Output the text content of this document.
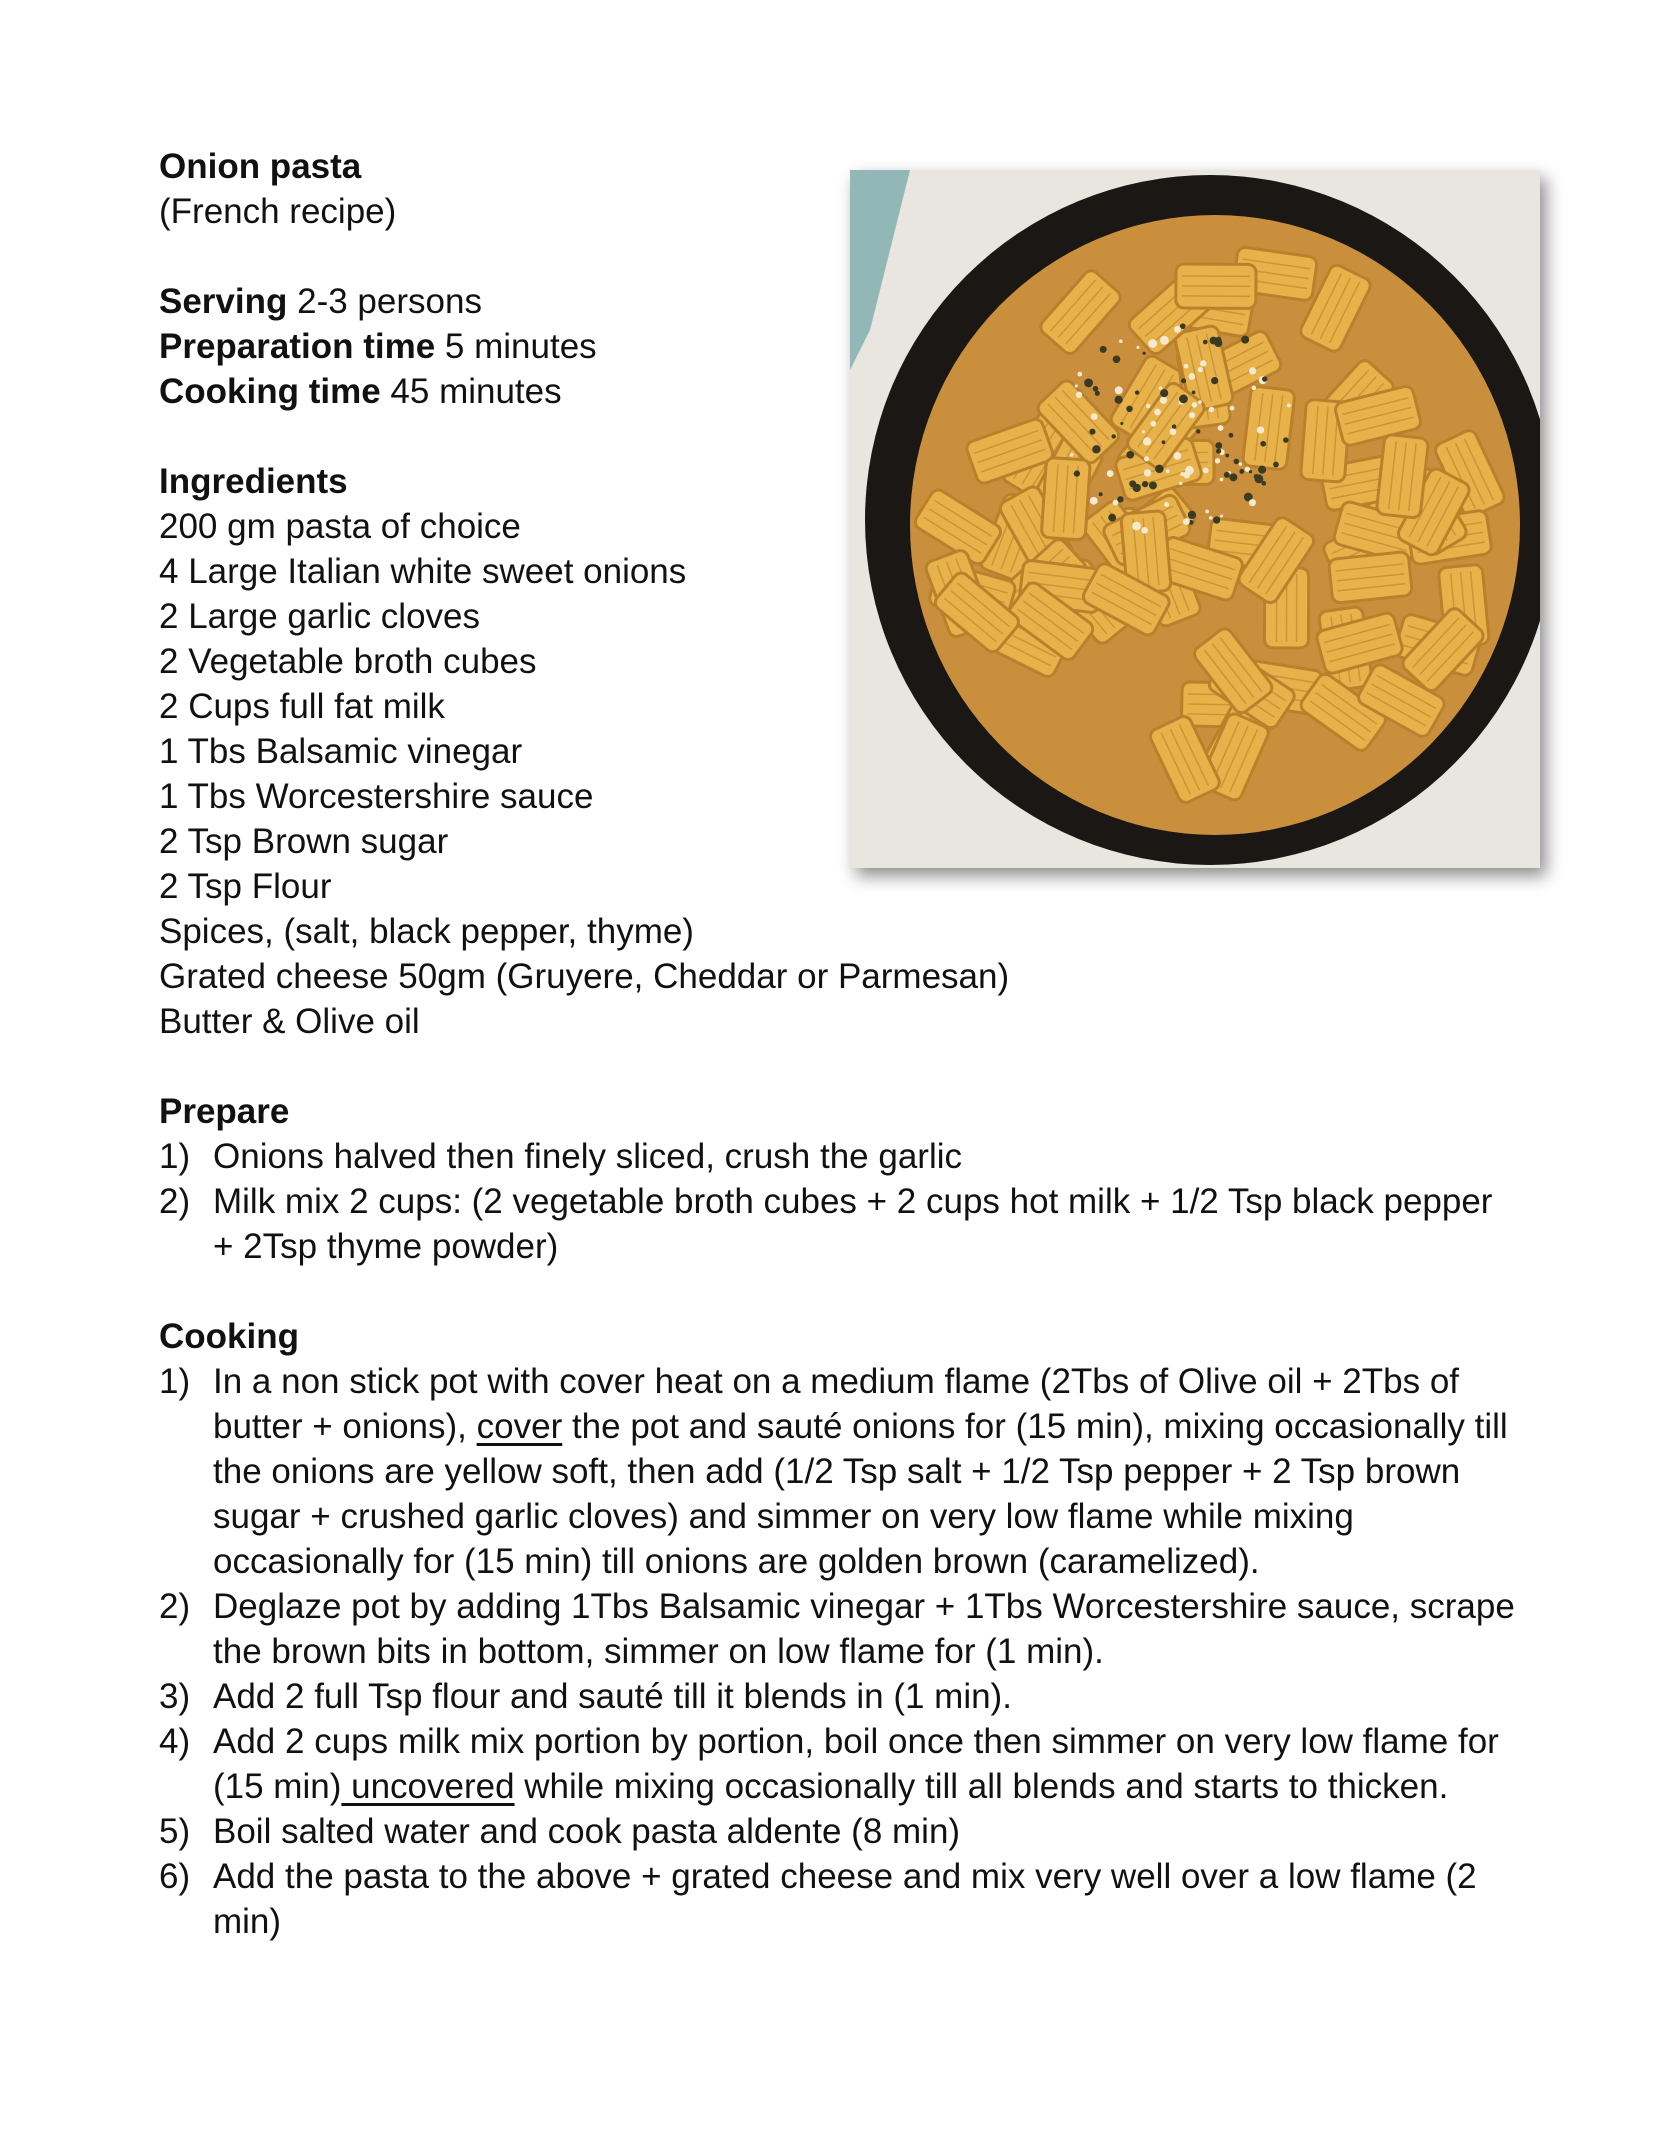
Onion pasta
(French recipe)
Serving 2-3 persons
Preparation time 5 minutes
Cooking time 45 minutes
Ingredients
200 gm pasta of choice
4 Large Italian white sweet onions
2 Large garlic cloves
2 Vegetable broth cubes
2 Cups full fat milk
1 Tbs Balsamic vinegar
1 Tbs Worcestershire sauce
2 Tsp Brown sugar
2 Tsp Flour
Spices, (salt, black pepper, thyme)
Grated cheese 50gm (Gruyere, Cheddar or Parmesan)
Butter & Olive oil
Prepare
1) Onions halved then finely sliced, crush the garlic
2) Milk mix 2 cups: (2 vegetable broth cubes + 2 cups hot milk + 1/2 Tsp black pepper + 2Tsp thyme powder)
Cooking
1) In a non stick pot with cover heat on a medium flame (2Tbs of Olive oil + 2Tbs of butter + onions), cover the pot and sauté onions for (15 min), mixing occasionally till the onions are yellow soft, then add (1/2 Tsp salt + 1/2 Tsp pepper + 2 Tsp brown sugar + crushed garlic cloves) and simmer on very low flame while mixing occasionally for (15 min) till onions are golden brown (caramelized).
2) Deglaze pot by adding 1Tbs Balsamic vinegar + 1Tbs Worcestershire sauce, scrape the brown bits in bottom, simmer on low flame for (1 min).
3) Add 2 full Tsp flour and sauté till it blends in (1 min).
4) Add 2 cups milk mix portion by portion, boil once then simmer on very low flame for (15 min) uncovered while mixing occasionally till all blends and starts to thicken.
5) Boil salted water and cook pasta aldente (8 min)
6) Add the pasta to the above + grated cheese and mix very well over a low flame (2 min)
